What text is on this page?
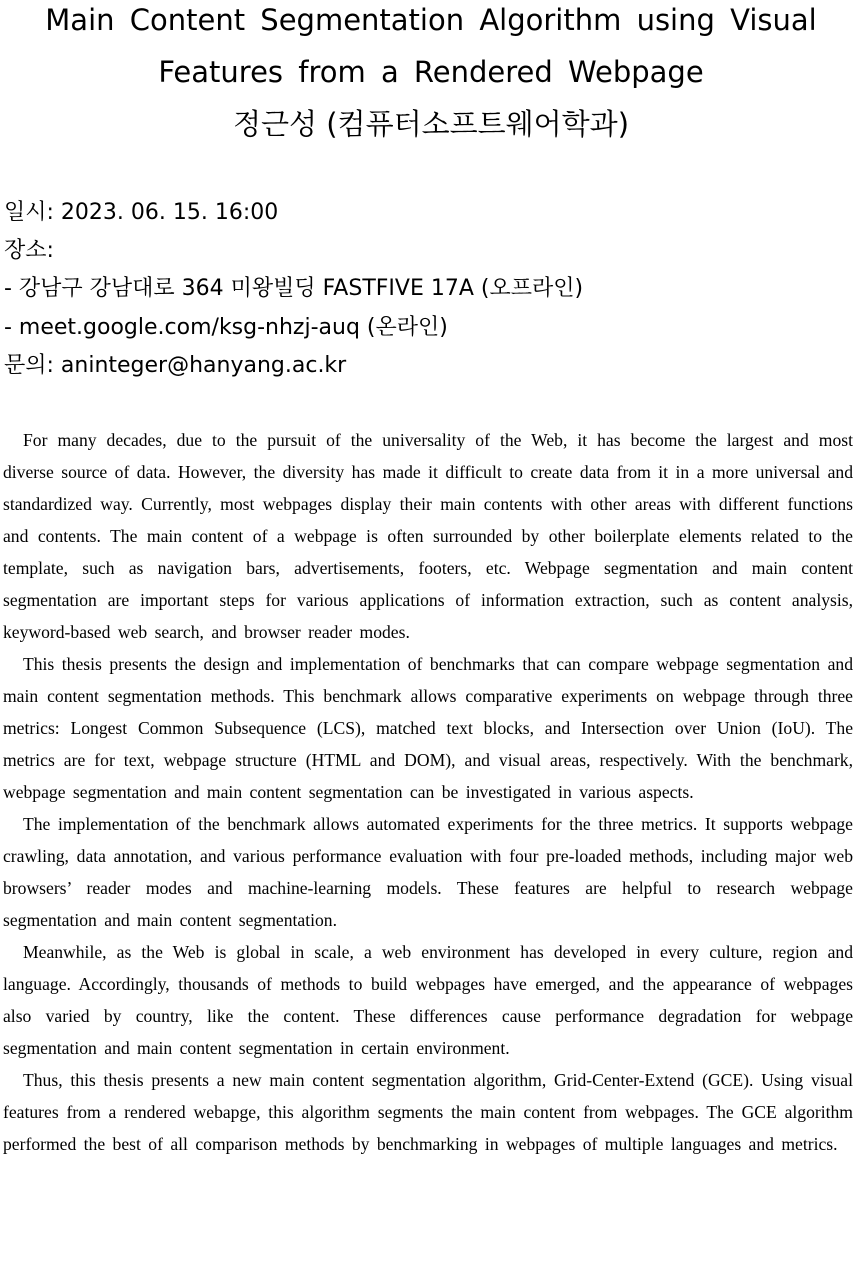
Main Content Segmentation Algorithm using Visual
Features from a Rendered Webpage
정근성 (컴퓨터소프트웨어학과)
일시: 2023. 06. 15. 16:00
장소:
- 강남구 강남대로 364 미왕빌딩 FASTFIVE 17A (오프라인)
- meet.google.com/ksg-nhzj-auq (온라인)
문의: aninteger@hanyang.ac.kr

For many decades, due to the pursuit of the universality of the Web, it has become the largest and most diverse source of data. However, the diversity has made it difficult to create data from it in a more universal and standardized way. Currently, most webpages display their main contents with other areas with different functions and contents. The main content of a webpage is often surrounded by other boilerplate elements related to the template, such as navigation bars, advertisements, footers, etc. Webpage segmentation and main content segmentation are important steps for various applications of information extraction, such as content analysis, keyword-based web search, and browser reader modes.

This thesis presents the design and implementation of benchmarks that can compare webpage segmentation and main content segmentation methods. This benchmark allows comparative experiments on webpage through three metrics: Longest Common Subsequence (LCS), matched text blocks, and Intersection over Union (IoU). The metrics are for text, webpage structure (HTML and DOM), and visual areas, respectively. With the benchmark, webpage segmentation and main content segmentation can be investigated in various aspects.

The implementation of the benchmark allows automated experiments for the three metrics. It supports webpage crawling, data annotation, and various performance evaluation with four pre-loaded methods, including major web browsers’ reader modes and machine-learning models. These features are helpful to research webpage segmentation and main content segmentation.

Meanwhile, as the Web is global in scale, a web environment has developed in every culture, region and language. Accordingly, thousands of methods to build webpages have emerged, and the appearance of webpages also varied by country, like the content. These differences cause performance degradation for webpage segmentation and main content segmentation in certain environment.

Thus, this thesis presents a new main content segmentation algorithm, Grid-Center-Extend (GCE). Using visual features from a rendered webapge, this algorithm segments the main content from webpages. The GCE algorithm performed the best of all comparison methods by benchmarking in webpages of multiple languages and metrics.
